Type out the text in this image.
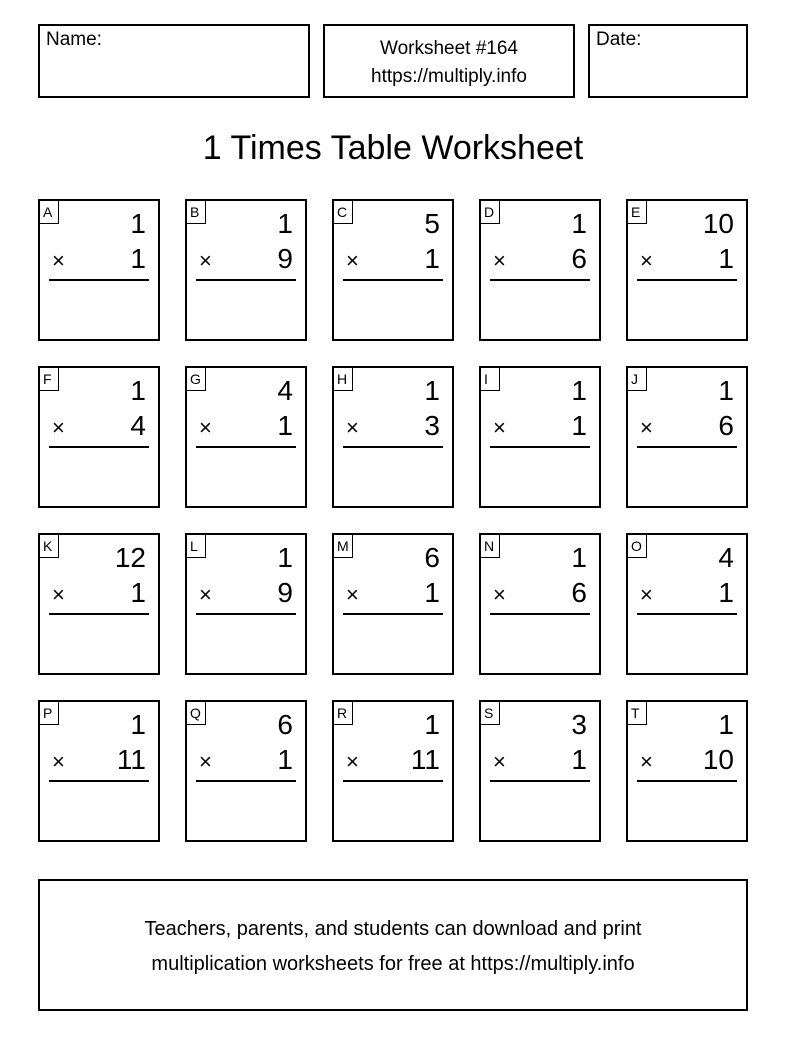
Name:	Worksheet #164
https://multiply.info
Date:
1 Times Table Worksheet
A	1
× 1
B	1
× 9
C	5
× 1
D	1
× 6
E 10
× 1
F	1
× 4
G	4
× 1
H	1
× 3
I	1
× 1
J	1
× 6
K 12
× 1
L	1
× 9
M	6
× 1
N	1
× 6
O	4
× 1
P	1
× 11
Q	6
× 1
R	1
× 11
S	3
× 1
T	1
× 10
Teachers, parents, and students can download and print
multiplication worksheets for free at https://multiply.info
